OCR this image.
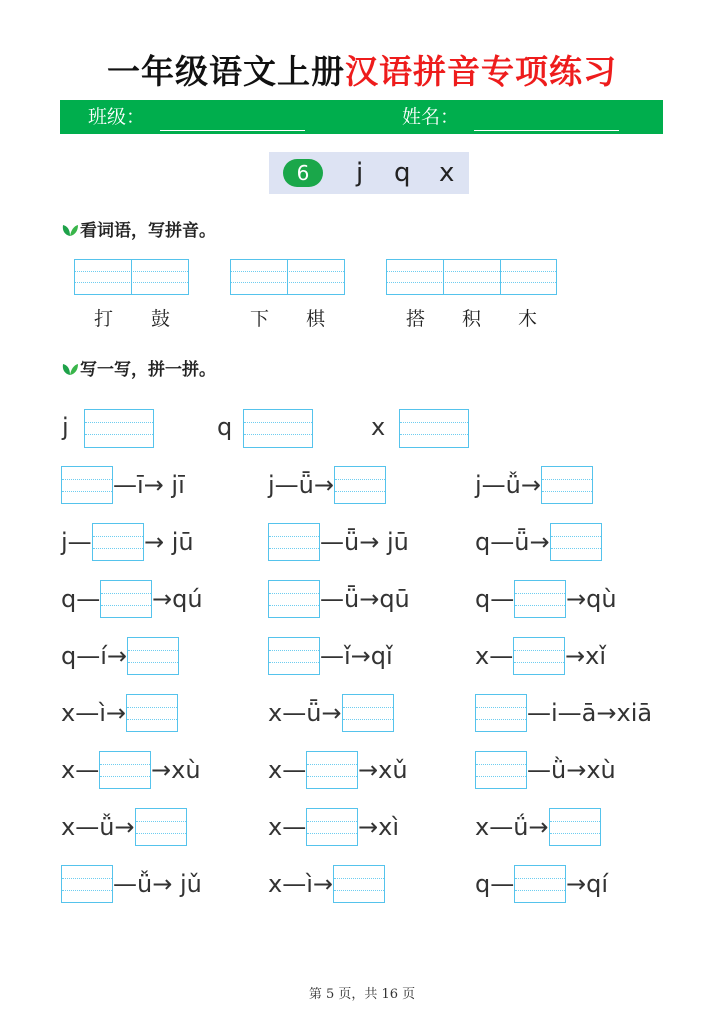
一年级语文上册汉语拼音专项练习
班级：	姓名：
6	j q x
看词语，写拼音。
打 鼓	下 棋	搭 积 木
写一写，拼一拼。
j	q	x
—ī→ jī	j—ǖ→	j—ǚ→
j— → jū	—ǖ→ jū	q—ǖ→
q— →qú	—ǖ→qū	q— →qù
q—í→	—ǐ→qǐ	x— →xǐ
x—ì→	x—ǖ→	—i—ā→xiā
x— →xù	x— →xǔ	—ǜ→xù
x—ǚ→	x— →xì	x—ǘ→
—ǚ→ jǔ	x—ì→	q— →qí
第 5 页，共 16 页
